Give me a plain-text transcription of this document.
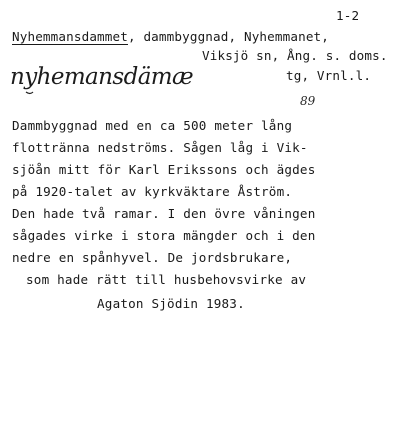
1-2
Nyhemmansdammet, dammbyggnad, Nyhemmanet,
Viksjö sn, Ång. s. doms.
tg, Vrnl.l.
nyhemansdämæ
89
Dammbyggnad med en ca 500 meter lång
flottränna nedströms. Sågen låg i Vik-
sjöån mitt för Karl Erikssons och ägdes
på 1920-talet av kyrkväktare Åström.
Den hade två ramar. I den övre våningen
sågades virke i stora mängder och i den
nedre en spånhyvel. De jordsbrukare,
som hade rätt till husbehovsvirke av
Agaton Sjödin 1983.
